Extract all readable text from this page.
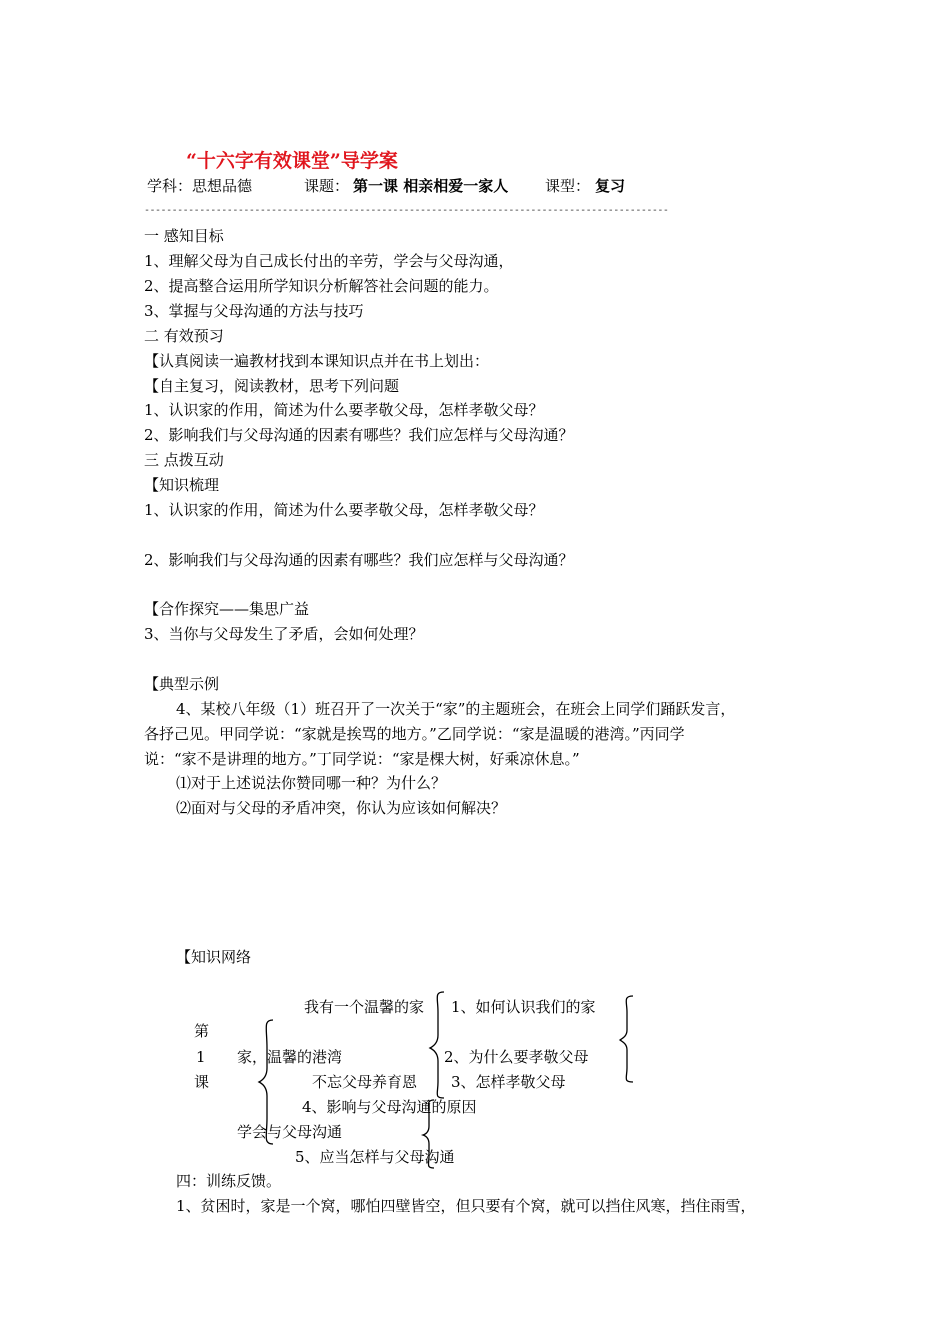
“十六字有效课堂”导学案
学科：思想品德	课题： 第一课 相亲相爱一家人 课型： 复习
-----------------------------------------------------------------------------------------------
一 感知目标
1、理解父母为自己成长付出的辛劳，学会与父母沟通，
2、提高整合运用所学知识分析解答社会问题的能力。
3、掌握与父母沟通的方法与技巧
二 有效预习
【认真阅读一遍教材找到本课知识点并在书上划出：
【自主复习，阅读教材，思考下列问题
1、认识家的作用，简述为什么要孝敬父母，怎样孝敬父母？
2、影响我们与父母沟通的因素有哪些？我们应怎样与父母沟通？
三 点拨互动
【知识梳理
1、认识家的作用，简述为什么要孝敬父母，怎样孝敬父母？
2、影响我们与父母沟通的因素有哪些？我们应怎样与父母沟通？
【合作探究——集思广益
3、当你与父母发生了矛盾，会如何处理？
【典型示例
4、某校八年级（1）班召开了一次关于“家”的主题班会，在班会上同学们踊跃发言，
各抒己见。甲同学说：“家就是挨骂的地方。”乙同学说：“家是温暖的港湾。”丙同学
说：“家不是讲理的地方。”丁同学说：“家是棵大树，好乘凉休息。”
⑴对于上述说法你赞同哪一种？为什么？
⑵面对与父母的矛盾冲突，你认为应该如何解决？
【知识网络
第
1
课
家，温馨的港湾
我有一个温馨的家
不忘父母养育恩
1、如何认识我们的家
2、为什么要孝敬父母
3、怎样孝敬父母
4、影响与父母沟通的原因
学会与父母沟通
5、应当怎样与父母沟通
四：训练反馈。
1、贫困时，家是一个窝，哪怕四壁皆空，但只要有个窝，就可以挡住风寒，挡住雨雪，
